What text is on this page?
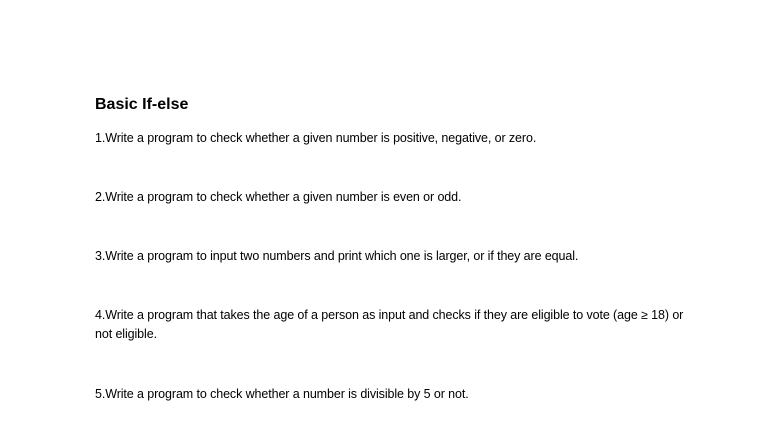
Basic If-else

1.Write a program to check whether a given number is positive, negative, or zero.

2.Write a program to check whether a given number is even or odd.

3.Write a program to input two numbers and print which one is larger, or if they are equal.

4.Write a program that takes the age of a person as input and checks if they are eligible to vote (age ≥ 18) or not eligible.

5.Write a program to check whether a number is divisible by 5 or not.
